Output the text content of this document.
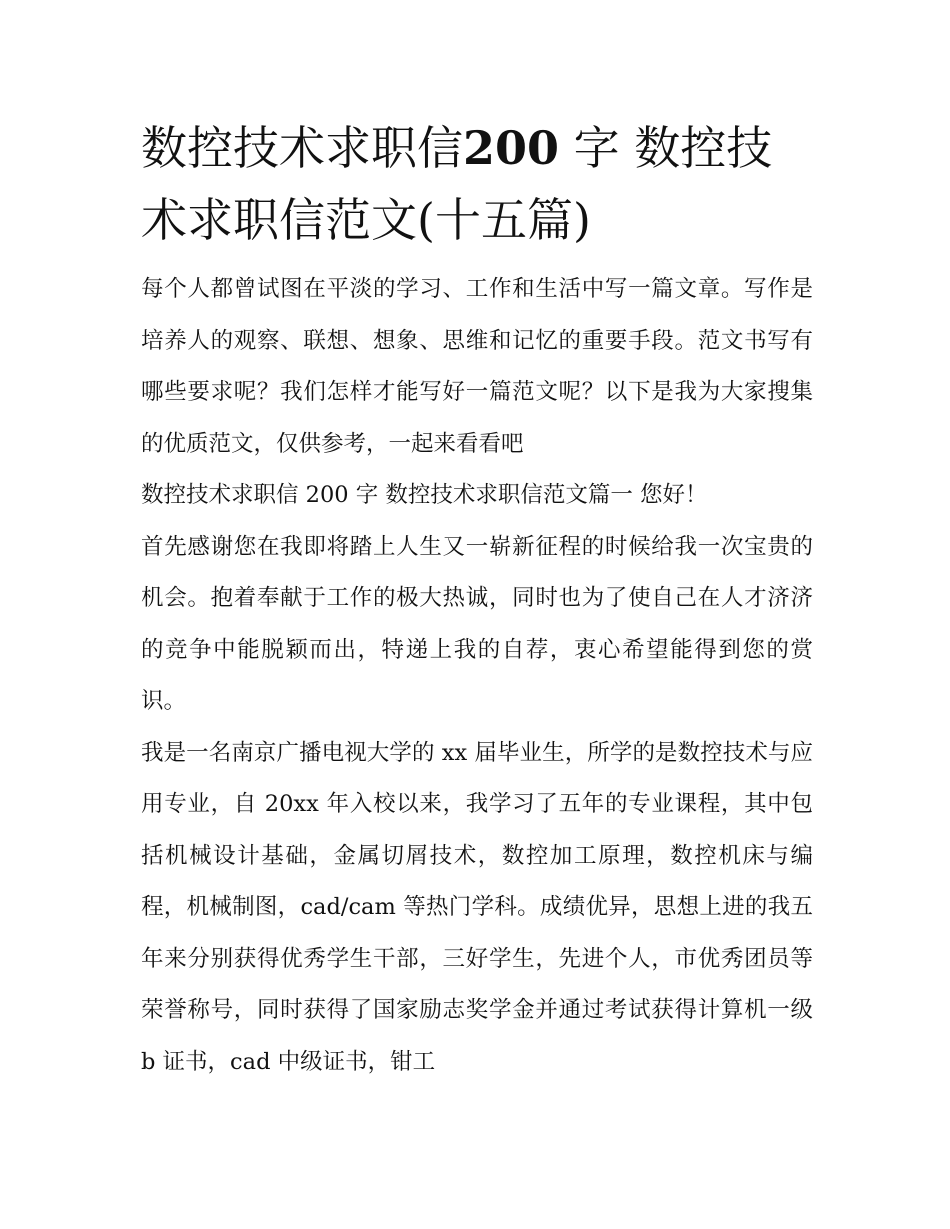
数控技术求职信200 字 数控技术求职信范文(十五篇)

每个人都曾试图在平淡的学习、工作和生活中写一篇文章。写作是培养人的观察、联想、想象、思维和记忆的重要手段。范文书写有哪些要求呢？我们怎样才能写好一篇范文呢？以下是我为大家搜集的优质范文，仅供参考，一起来看看吧

数控技术求职信 200 字 数控技术求职信范文篇一 您好！

首先感谢您在我即将踏上人生又一崭新征程的时候给我一次宝贵的机会。抱着奉献于工作的极大热诚，同时也为了使自己在人才济济的竞争中能脱颖而出，特递上我的自荐，衷心希望能得到您的赏识。

我是一名南京广播电视大学的 xx 届毕业生，所学的是数控技术与应用专业，自 20xx 年入校以来，我学习了五年的专业课程，其中包括机械设计基础，金属切屑技术，数控加工原理，数控机床与编程，机械制图，cad/cam 等热门学科。成绩优异，思想上进的我五年来分别获得优秀学生干部，三好学生，先进个人，市优秀团员等荣誉称号，同时获得了国家励志奖学金并通过考试获得计算机一级 b 证书，cad 中级证书，钳工
